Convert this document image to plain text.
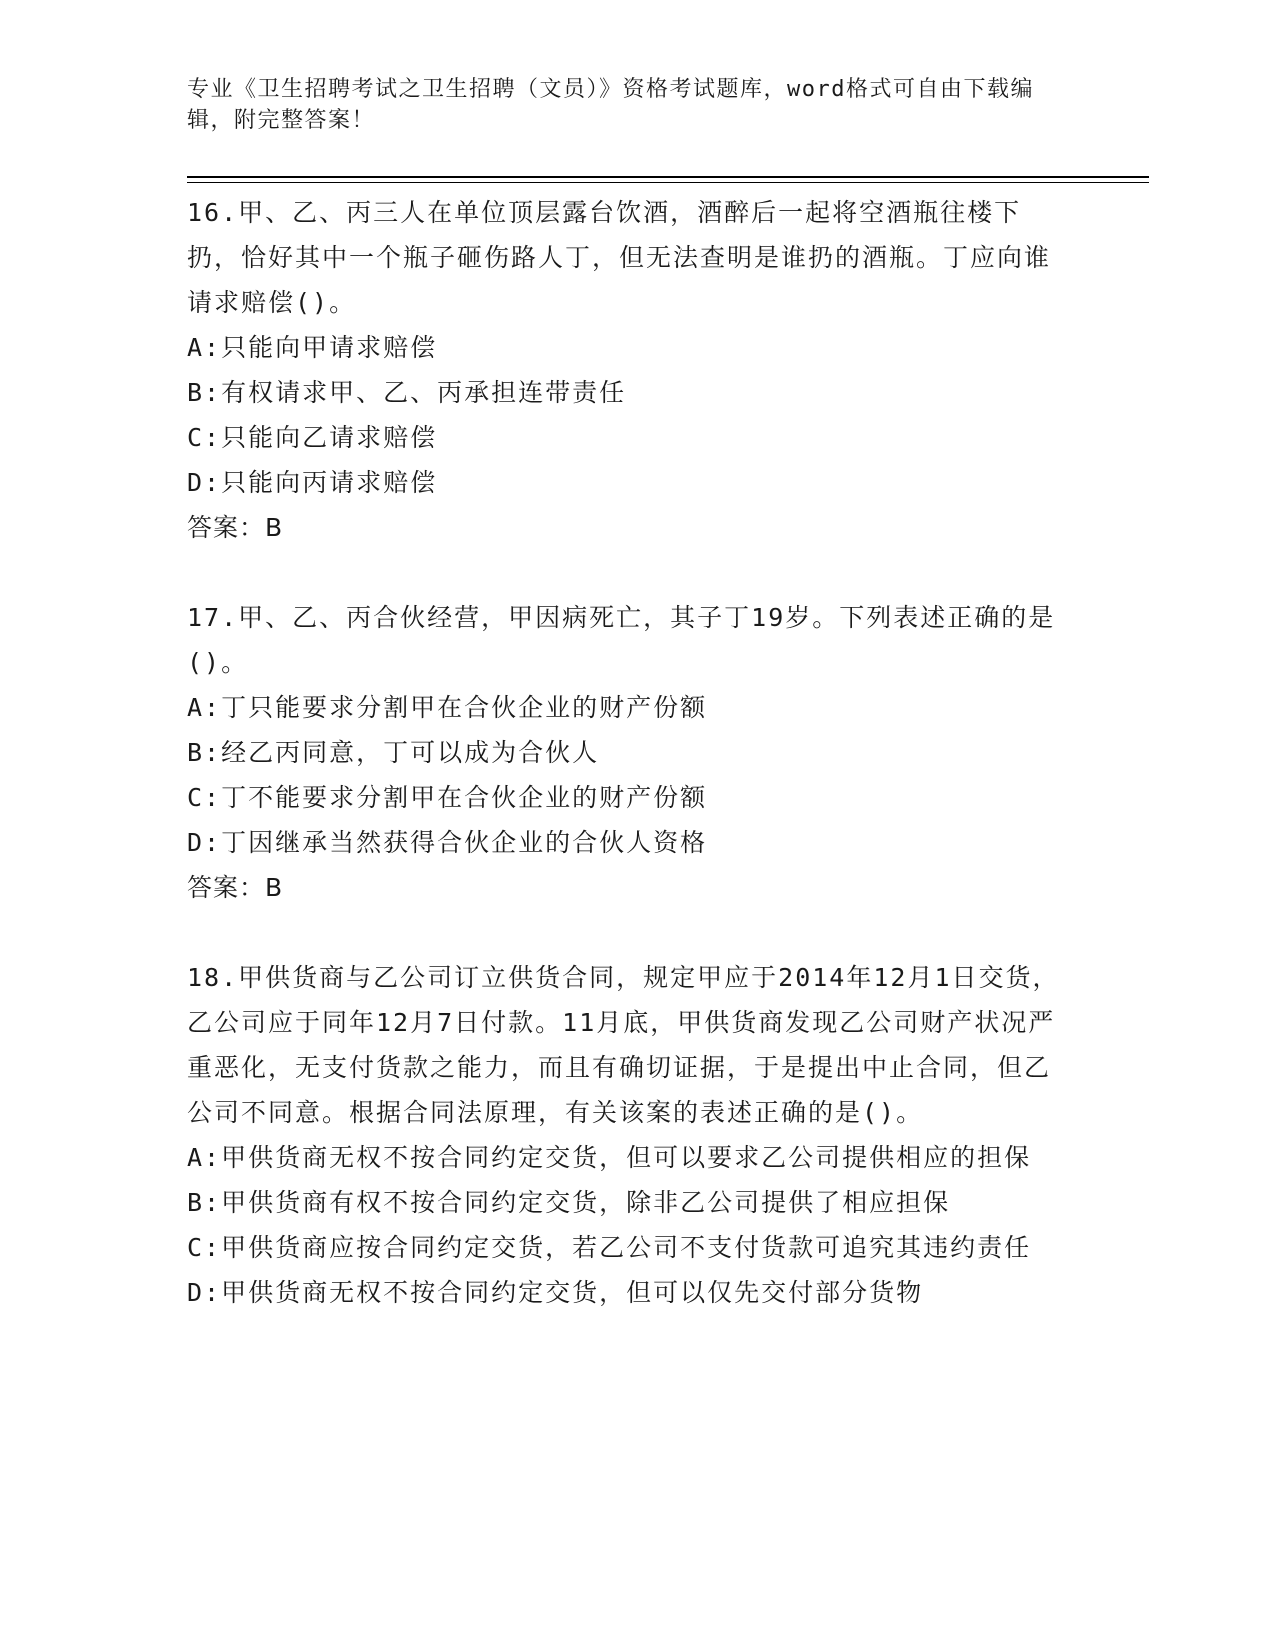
专业《卫生招聘考试之卫生招聘（文员）》资格考试题库，word格式可自由下载编辑，附完整答案！
16.甲、乙、丙三人在单位顶层露台饮酒，酒醉后一起将空酒瓶往楼下扔，恰好其中一个瓶子砸伤路人丁，但无法查明是谁扔的酒瓶。丁应向谁请求赔偿()。
A:只能向甲请求赔偿
B:有权请求甲、乙、丙承担连带责任
C:只能向乙请求赔偿
D:只能向丙请求赔偿
答案：B
17.甲、乙、丙合伙经营，甲因病死亡，其子丁19岁。下列表述正确的是()。
A:丁只能要求分割甲在合伙企业的财产份额
B:经乙丙同意，丁可以成为合伙人
C:丁不能要求分割甲在合伙企业的财产份额
D:丁因继承当然获得合伙企业的合伙人资格
答案：B
18.甲供货商与乙公司订立供货合同，规定甲应于2014年12月1日交货，乙公司应于同年12月7日付款。11月底，甲供货商发现乙公司财产状况严重恶化，无支付货款之能力，而且有确切证据，于是提出中止合同，但乙公司不同意。根据合同法原理，有关该案的表述正确的是()。
A:甲供货商无权不按合同约定交货，但可以要求乙公司提供相应的担保
B:甲供货商有权不按合同约定交货，除非乙公司提供了相应担保
C:甲供货商应按合同约定交货，若乙公司不支付货款可追究其违约责任
D:甲供货商无权不按合同约定交货，但可以仅先交付部分货物
